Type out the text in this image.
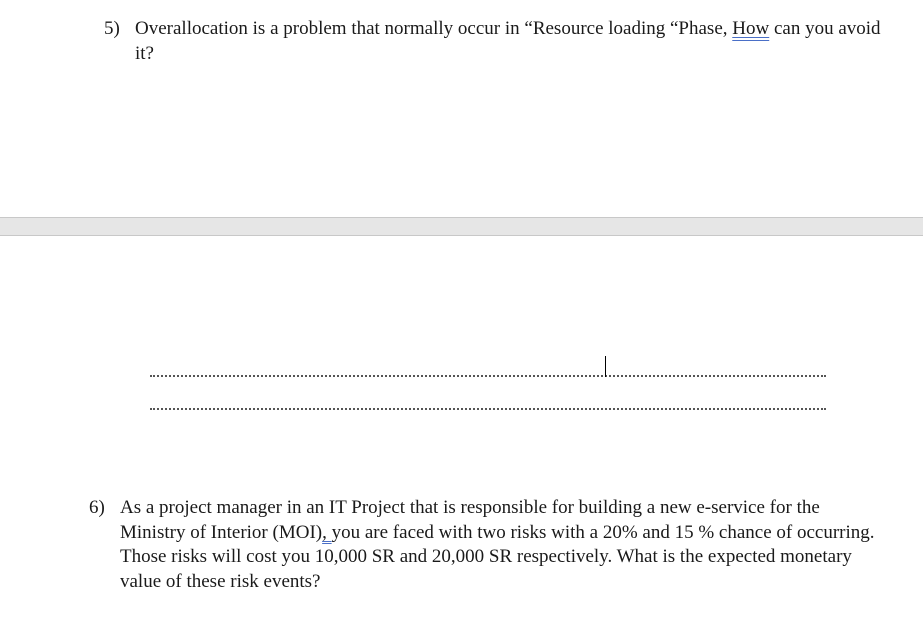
5) Overallocation is a problem that normally occur in “Resource loading “Phase, How can you avoid it?
6) As a project manager in an IT Project that is responsible for building a new e-service for the Ministry of Interior (MOI), you are faced with two risks with a 20% and 15 % chance of occurring. Those risks will cost you 10,000 SR and 20,000 SR respectively. What is the expected monetary value of these risk events?
